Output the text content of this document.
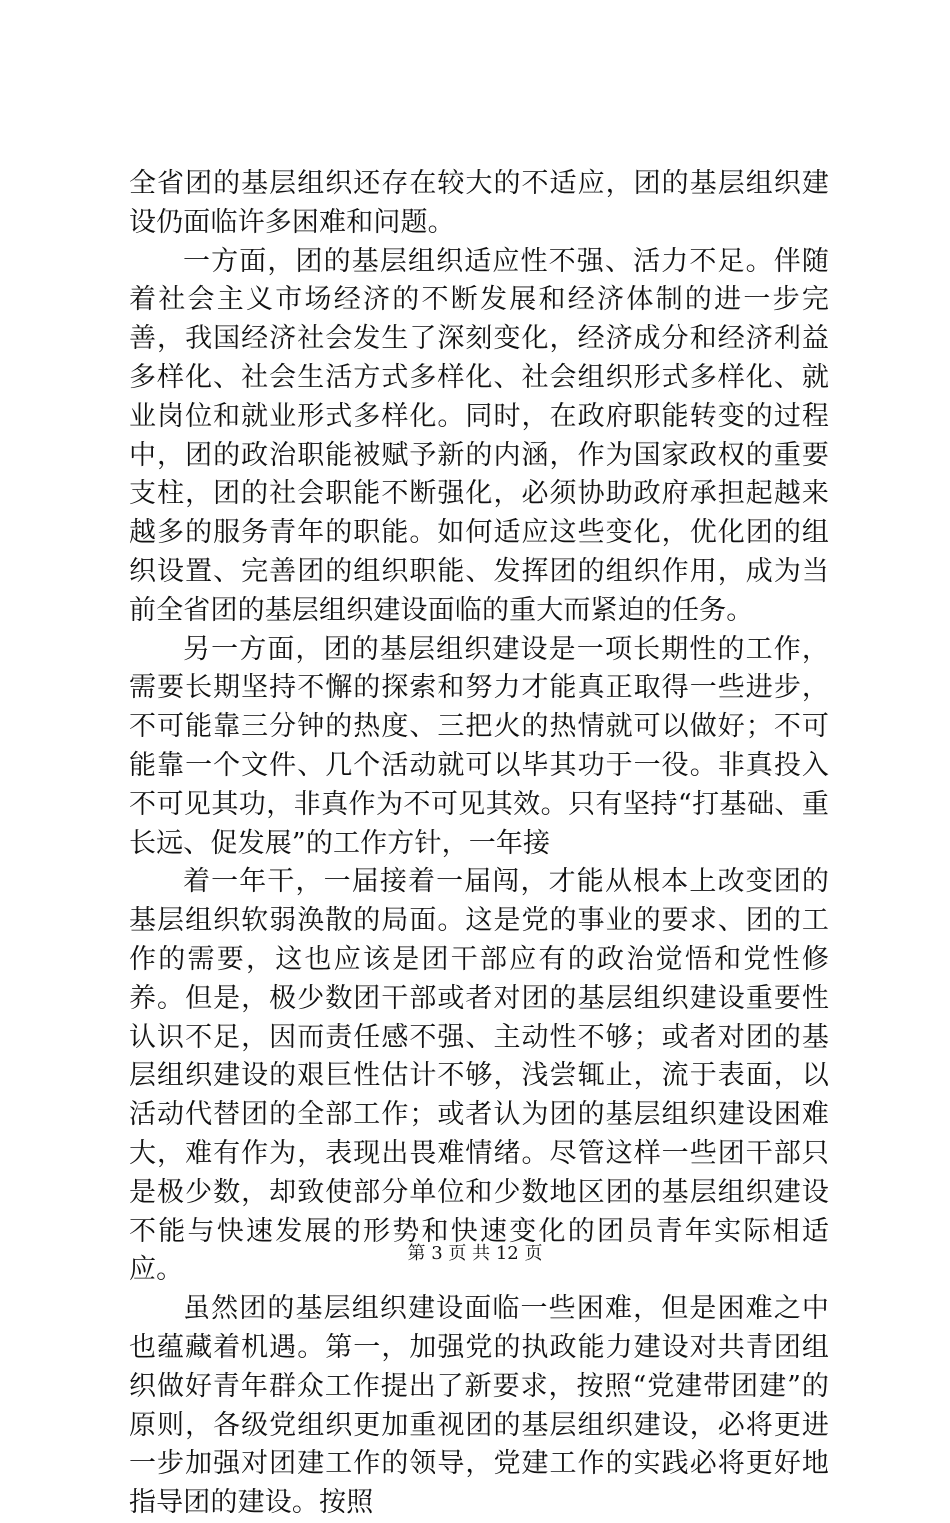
全省团的基层组织还存在较大的不适应，团的基层组织建设仍面临许多困难和问题。

一方面，团的基层组织适应性不强、活力不足。伴随着社会主义市场经济的不断发展和经济体制的进一步完善，我国经济社会发生了深刻变化，经济成分和经济利益多样化、社会生活方式多样化、社会组织形式多样化、就业岗位和就业形式多样化。同时，在政府职能转变的过程中，团的政治职能被赋予新的内涵，作为国家政权的重要支柱，团的社会职能不断强化，必须协助政府承担起越来越多的服务青年的职能。如何适应这些变化，优化团的组织设置、完善团的组织职能、发挥团的组织作用，成为当前全省团的基层组织建设面临的重大而紧迫的任务。

另一方面，团的基层组织建设是一项长期性的工作，需要长期坚持不懈的探索和努力才能真正取得一些进步，不可能靠三分钟的热度、三把火的热情就可以做好；不可能靠一个文件、几个活动就可以毕其功于一役。非真投入不可见其功，非真作为不可见其效。只有坚持“打基础、重长远、促发展”的工作方针，一年接

着一年干，一届接着一届闯，才能从根本上改变团的基层组织软弱涣散的局面。这是党的事业的要求、团的工作的需要，这也应该是团干部应有的政治觉悟和党性修养。但是，极少数团干部或者对团的基层组织建设重要性认识不足，因而责任感不强、主动性不够；或者对团的基层组织建设的艰巨性估计不够，浅尝辄止，流于表面，以活动代替团的全部工作；或者认为团的基层组织建设困难大，难有作为，表现出畏难情绪。尽管这样一些团干部只是极少数，却致使部分单位和少数地区团的基层组织建设不能与快速发展的形势和快速变化的团员青年实际相适应。

虽然团的基层组织建设面临一些困难，但是困难之中也蕴藏着机遇。第一，加强党的执政能力建设对共青团组织做好青年群众工作提出了新要求，按照“党建带团建”的原则，各级党组织更加重视团的基层组织建设，必将更进一步加强对团建工作的领导，党建工作的实践必将更好地指导团的建设。按照

第 3 页 共 12 页
